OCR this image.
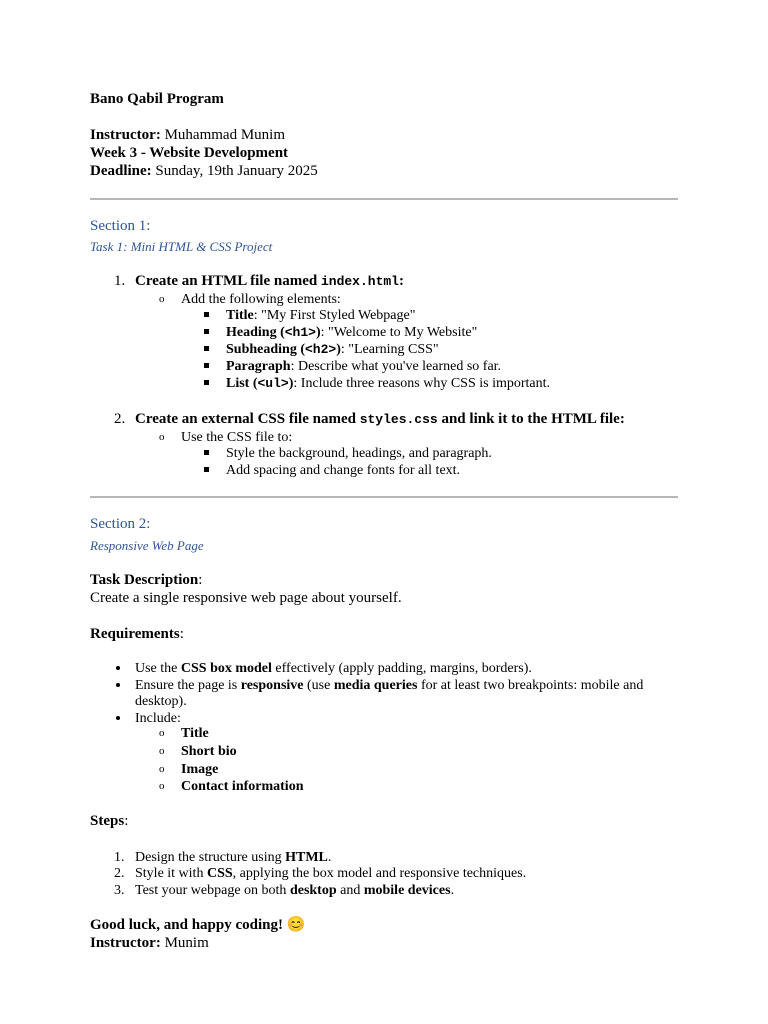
Bano Qabil Program
Instructor: Muhammad Munim
Week 3 - Website Development
Deadline: Sunday, 19th January 2025
Section 1:
Task 1: Mini HTML & CSS Project
1. Create an HTML file named index.html:
o Add the following elements:
Title: "My First Styled Webpage"
Heading (<h1>): "Welcome to My Website"
Subheading (<h2>): "Learning CSS"
Paragraph: Describe what you've learned so far.
List (<ul>): Include three reasons why CSS is important.
2. Create an external CSS file named styles.css and link it to the HTML file:
o Use the CSS file to:
Style the background, headings, and paragraph.
Add spacing and change fonts for all text.
Section 2:
Responsive Web Page
Task Description:
Create a single responsive web page about yourself.
Requirements:
Use the CSS box model effectively (apply padding, margins, borders).
Ensure the page is responsive (use media queries for at least two breakpoints: mobile and
desktop).
Include:
o Title
o Short bio
o Image
o Contact information
Steps:
1. Design the structure using HTML.
2. Style it with CSS, applying the box model and responsive techniques.
3. Test your webpage on both desktop and mobile devices.
Good luck, and happy coding! 😊
Instructor: Munim
